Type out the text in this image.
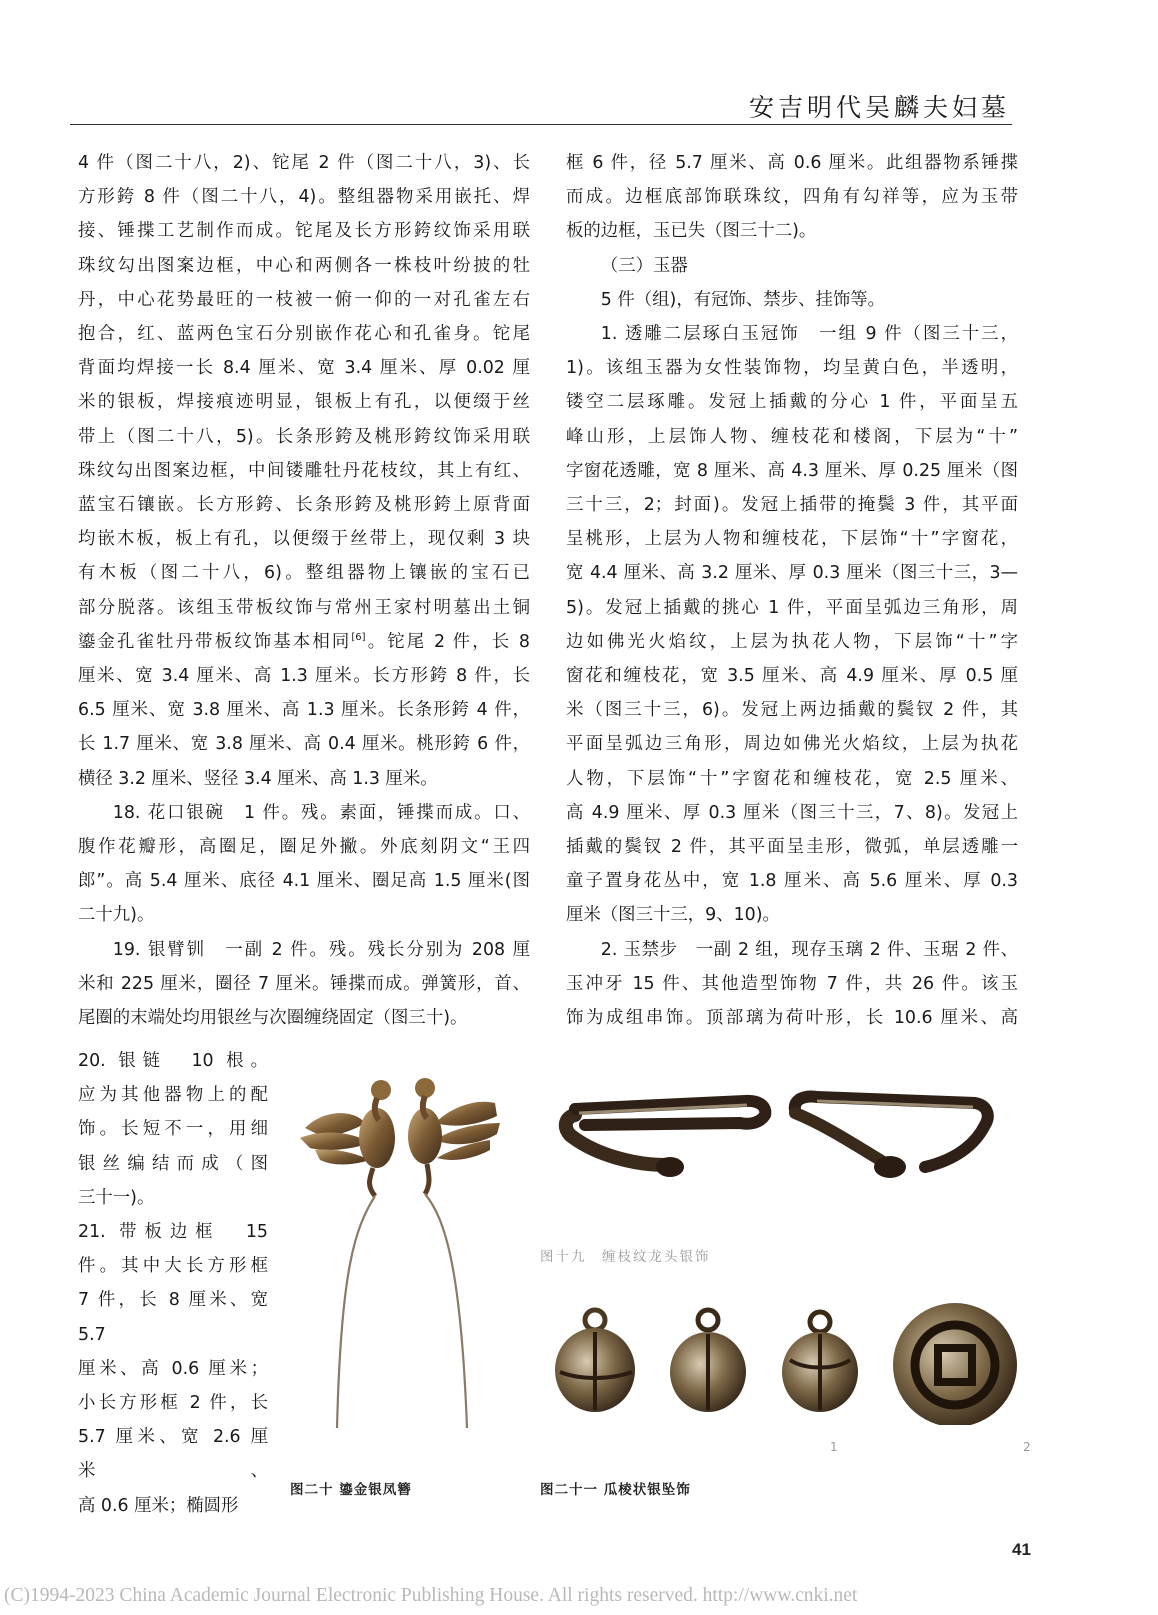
安吉明代吴麟夫妇墓

4 件（图二十八，2)、铊尾 2 件（图二十八，3)、长

方形銙 8 件（图二十八，4)。整组器物采用嵌托、焊

接、锤揲工艺制作而成。铊尾及长方形銙纹饰采用联

珠纹勾出图案边框，中心和两侧各一株枝叶纷披的牡

丹，中心花势最旺的一枝被一俯一仰的一对孔雀左右

抱合，红、蓝两色宝石分别嵌作花心和孔雀身。铊尾

背面均焊接一长 8.4 厘米、宽 3.4 厘米、厚 0.02 厘

米的银板，焊接痕迹明显，银板上有孔，以便缀于丝

带上（图二十八，5)。长条形銙及桃形銙纹饰采用联

珠纹勾出图案边框，中间镂雕牡丹花枝纹，其上有红、

蓝宝石镶嵌。长方形銙、长条形銙及桃形銙上原背面

均嵌木板，板上有孔，以便缀于丝带上，现仅剩 3 块

有木板（图二十八，6)。整组器物上镶嵌的宝石已

部分脱落。该组玉带板纹饰与常州王家村明墓出土铜

鎏金孔雀牡丹带板纹饰基本相同[6]。铊尾 2 件，长 8

厘米、宽 3.4 厘米、高 1.3 厘米。长方形銙 8 件，长

6.5 厘米、宽 3.8 厘米、高 1.3 厘米。长条形銙 4 件，

长 1.7 厘米、宽 3.8 厘米、高 0.4 厘米。桃形銙 6 件，

横径 3.2 厘米、竖径 3.4 厘米、高 1.3 厘米。

18. 花口银碗　1 件。残。素面，锤揲而成。口、

腹作花瓣形，高圈足，圈足外撇。外底刻阴文“王四

郎”。高 5.4 厘米、底径 4.1 厘米、圈足高 1.5 厘米(图

二十九)。

19. 银臂钏　一副 2 件。残。残长分别为 208 厘

米和 225 厘米，圈径 7 厘米。锤揲而成。弹簧形，首、

尾圈的末端处均用银丝与次圈缠绕固定（图三十)。

20. 银链　10 根。

应为其他器物上的配

饰。长短不一，用细

银丝编结而成（图

三十一)。

21. 带板边框　15

件。其中大长方形框

7 件，长 8 厘米、宽 5.7

厘米、高 0.6 厘米；

小长方形框 2 件，长

5.7 厘米、宽 2.6 厘米、

高 0.6 厘米；椭圆形

框 6 件，径 5.7 厘米、高 0.6 厘米。此组器物系锤揲

而成。边框底部饰联珠纹，四角有勾祥等，应为玉带

板的边框，玉已失（图三十二)。

（三）玉器

5 件（组)，有冠饰、禁步、挂饰等。

1. 透雕二层琢白玉冠饰　一组 9 件（图三十三，

1)。该组玉器为女性装饰物，均呈黄白色，半透明，

镂空二层琢雕。发冠上插戴的分心 1 件，平面呈五

峰山形，上层饰人物、缠枝花和楼阁，下层为“十”

字窗花透雕，宽 8 厘米、高 4.3 厘米、厚 0.25 厘米（图

三十三，2；封面)。发冠上插带的掩鬓 3 件，其平面

呈桃形，上层为人物和缠枝花，下层饰“十”字窗花，

宽 4.4 厘米、高 3.2 厘米、厚 0.3 厘米（图三十三，3—

5)。发冠上插戴的挑心 1 件，平面呈弧边三角形，周

边如佛光火焰纹，上层为执花人物，下层饰“十”字

窗花和缠枝花，宽 3.5 厘米、高 4.9 厘米、厚 0.5 厘

米（图三十三，6)。发冠上两边插戴的鬓钗 2 件，其

平面呈弧边三角形，周边如佛光火焰纹，上层为执花

人物，下层饰“十”字窗花和缠枝花，宽 2.5 厘米、

高 4.9 厘米、厚 0.3 厘米（图三十三，7、8)。发冠上

插戴的鬓钗 2 件，其平面呈圭形，微弧，单层透雕一

童子置身花丛中，宽 1.8 厘米、高 5.6 厘米、厚 0.3

厘米（图三十三，9、10)。

2. 玉禁步　一副 2 组，现存玉璃 2 件、玉琚 2 件、

玉冲牙 15 件、其他造型饰物 7 件，共 26 件。该玉

饰为成组串饰。顶部璃为荷叶形，长 10.6 厘米、高

图十九　缠枝纹龙头银饰
1	2
图二十 鎏金银凤簪	图二十一 瓜棱状银坠饰
41
(C)1994-2023 China Academic Journal Electronic Publishing House. All rights reserved. http://www.cnki.net
